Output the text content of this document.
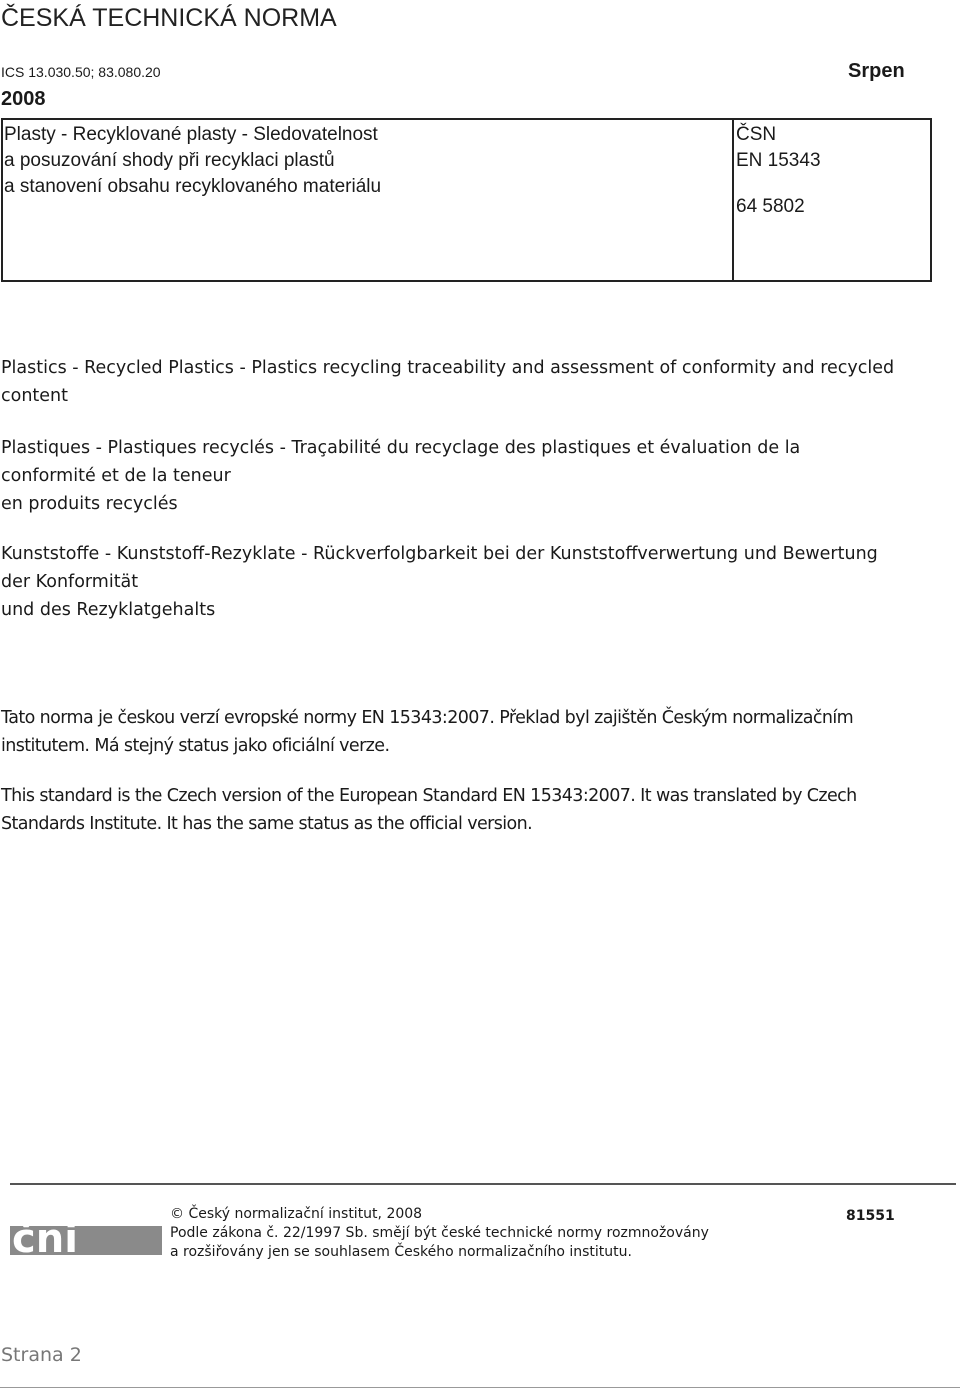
ČESKÁ TECHNICKÁ NORMA
ICS 13.030.50; 83.080.20	Srpen
2008
Plasty - Recyklované plasty - Sledovatelnost
a posuzování shody při recyklaci plastů
a stanovení obsahu recyklovaného materiálu
ČSN
EN 15343
64 5802
Plastics - Recycled Plastics - Plastics recycling traceability and assessment of conformity and recycled
content
Plastiques - Plastiques recyclés - Traçabilité du recyclage des plastiques et évaluation de la
conformité et de la teneur
en produits recyclés
Kunststoffe - Kunststoff-Rezyklate - Rückverfolgbarkeit bei der Kunststoffverwertung und Bewertung
der Konformität
und des Rezyklatgehalts
Tato norma je českou verzí evropské normy EN 15343:2007. Překlad byl zajištěn Českým normalizačním
institutem. Má stejný status jako oficiální verze.
This standard is the Czech version of the European Standard EN 15343:2007. It was translated by Czech
Standards Institute. It has the same status as the official version.
čni
© Český normalizační institut, 2008
Podle zákona č. 22/1997 Sb. smějí být české technické normy rozmnožovány
a rozšiřovány jen se souhlasem Českého normalizačního institutu.
81551
Strana 2
